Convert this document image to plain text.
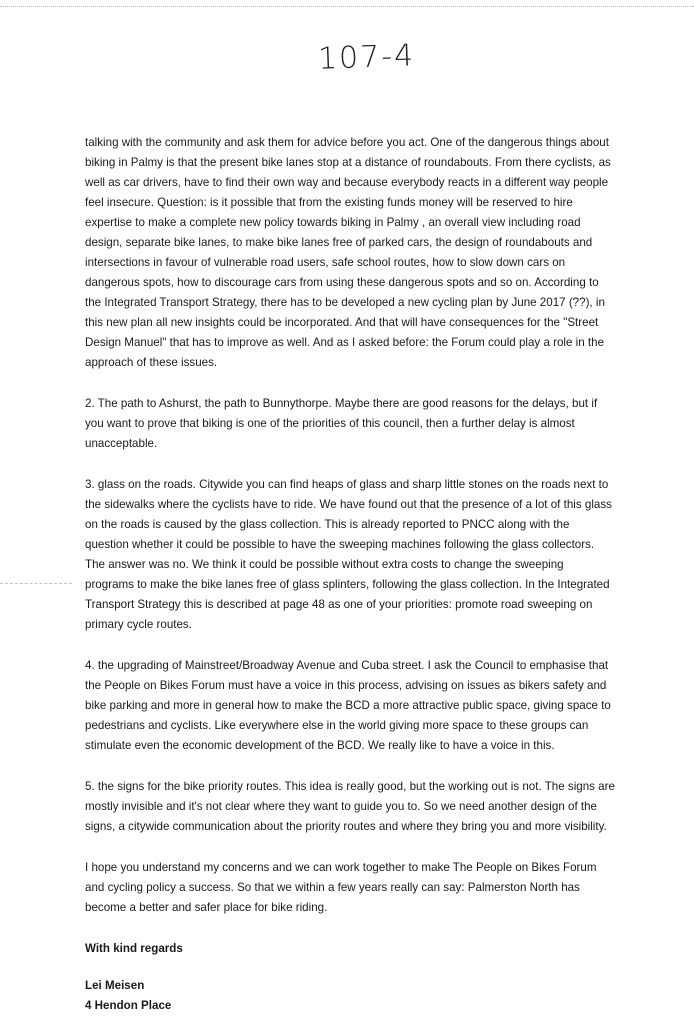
107-4

talking with the community and ask them for advice before you act. One of the dangerous things about biking in Palmy is that the present bike lanes stop at a distance of roundabouts. From there cyclists, as well as car drivers, have to find their own way and because everybody reacts in a different way people feel insecure. Question: is it possible that from the existing funds money will be reserved to hire expertise to make a complete new policy towards biking in Palmy , an overall view including road design, separate bike lanes, to make bike lanes free of parked cars, the design of roundabouts and intersections in favour of vulnerable road users, safe school routes, how to slow down cars on dangerous spots, how to discourage cars from using these dangerous spots and so on. According to the Integrated Transport Strategy, there has to be developed a new cycling plan by June 2017 (??), in this new plan all new insights could be incorporated. And that will have consequences for the "Street Design Manuel" that has to improve as well. And as I asked before: the Forum could play a role in the approach of these issues.

2. The path to Ashurst, the path to Bunnythorpe. Maybe there are good reasons for the delays, but if you want to prove that biking is one of the priorities of this council, then a further delay is almost unacceptable.

3. glass on the roads. Citywide you can find heaps of glass and sharp little stones on the roads next to the sidewalks where the cyclists have to ride. We have found out that the presence of a lot of this glass on the roads is caused by the glass collection. This is already reported to PNCC along with the question whether it could be possible to have the sweeping machines following the glass collectors. The answer was no. We think it could be possible without extra costs to change the sweeping programs to make the bike lanes free of glass splinters, following the glass collection. In the Integrated Transport Strategy this is described at page 48 as one of your priorities: promote road sweeping on primary cycle routes.

4. the upgrading of Mainstreet/Broadway Avenue and Cuba street. I ask the Council to emphasise that the People on Bikes Forum must have a voice in this process, advising on issues as bikers safety and bike parking and more in general how to make the BCD a more attractive public space, giving space to pedestrians and cyclists. Like everywhere else in the world giving more space to these groups can stimulate even the economic development of the BCD. We really like to have a voice in this.

5. the signs for the bike priority routes. This idea is really good, but the working out is not. The signs are mostly invisible and it's not clear where they want to guide you to. So we need another design of the signs, a citywide communication about the priority routes and where they bring you and more visibility.

I hope you understand my concerns and we can work together to make The People on Bikes Forum and cycling policy a success. So that we within a few years really can say: Palmerston North has become a better and safer place for bike riding.

With kind regards

Lei Meisen

4 Hendon Place
